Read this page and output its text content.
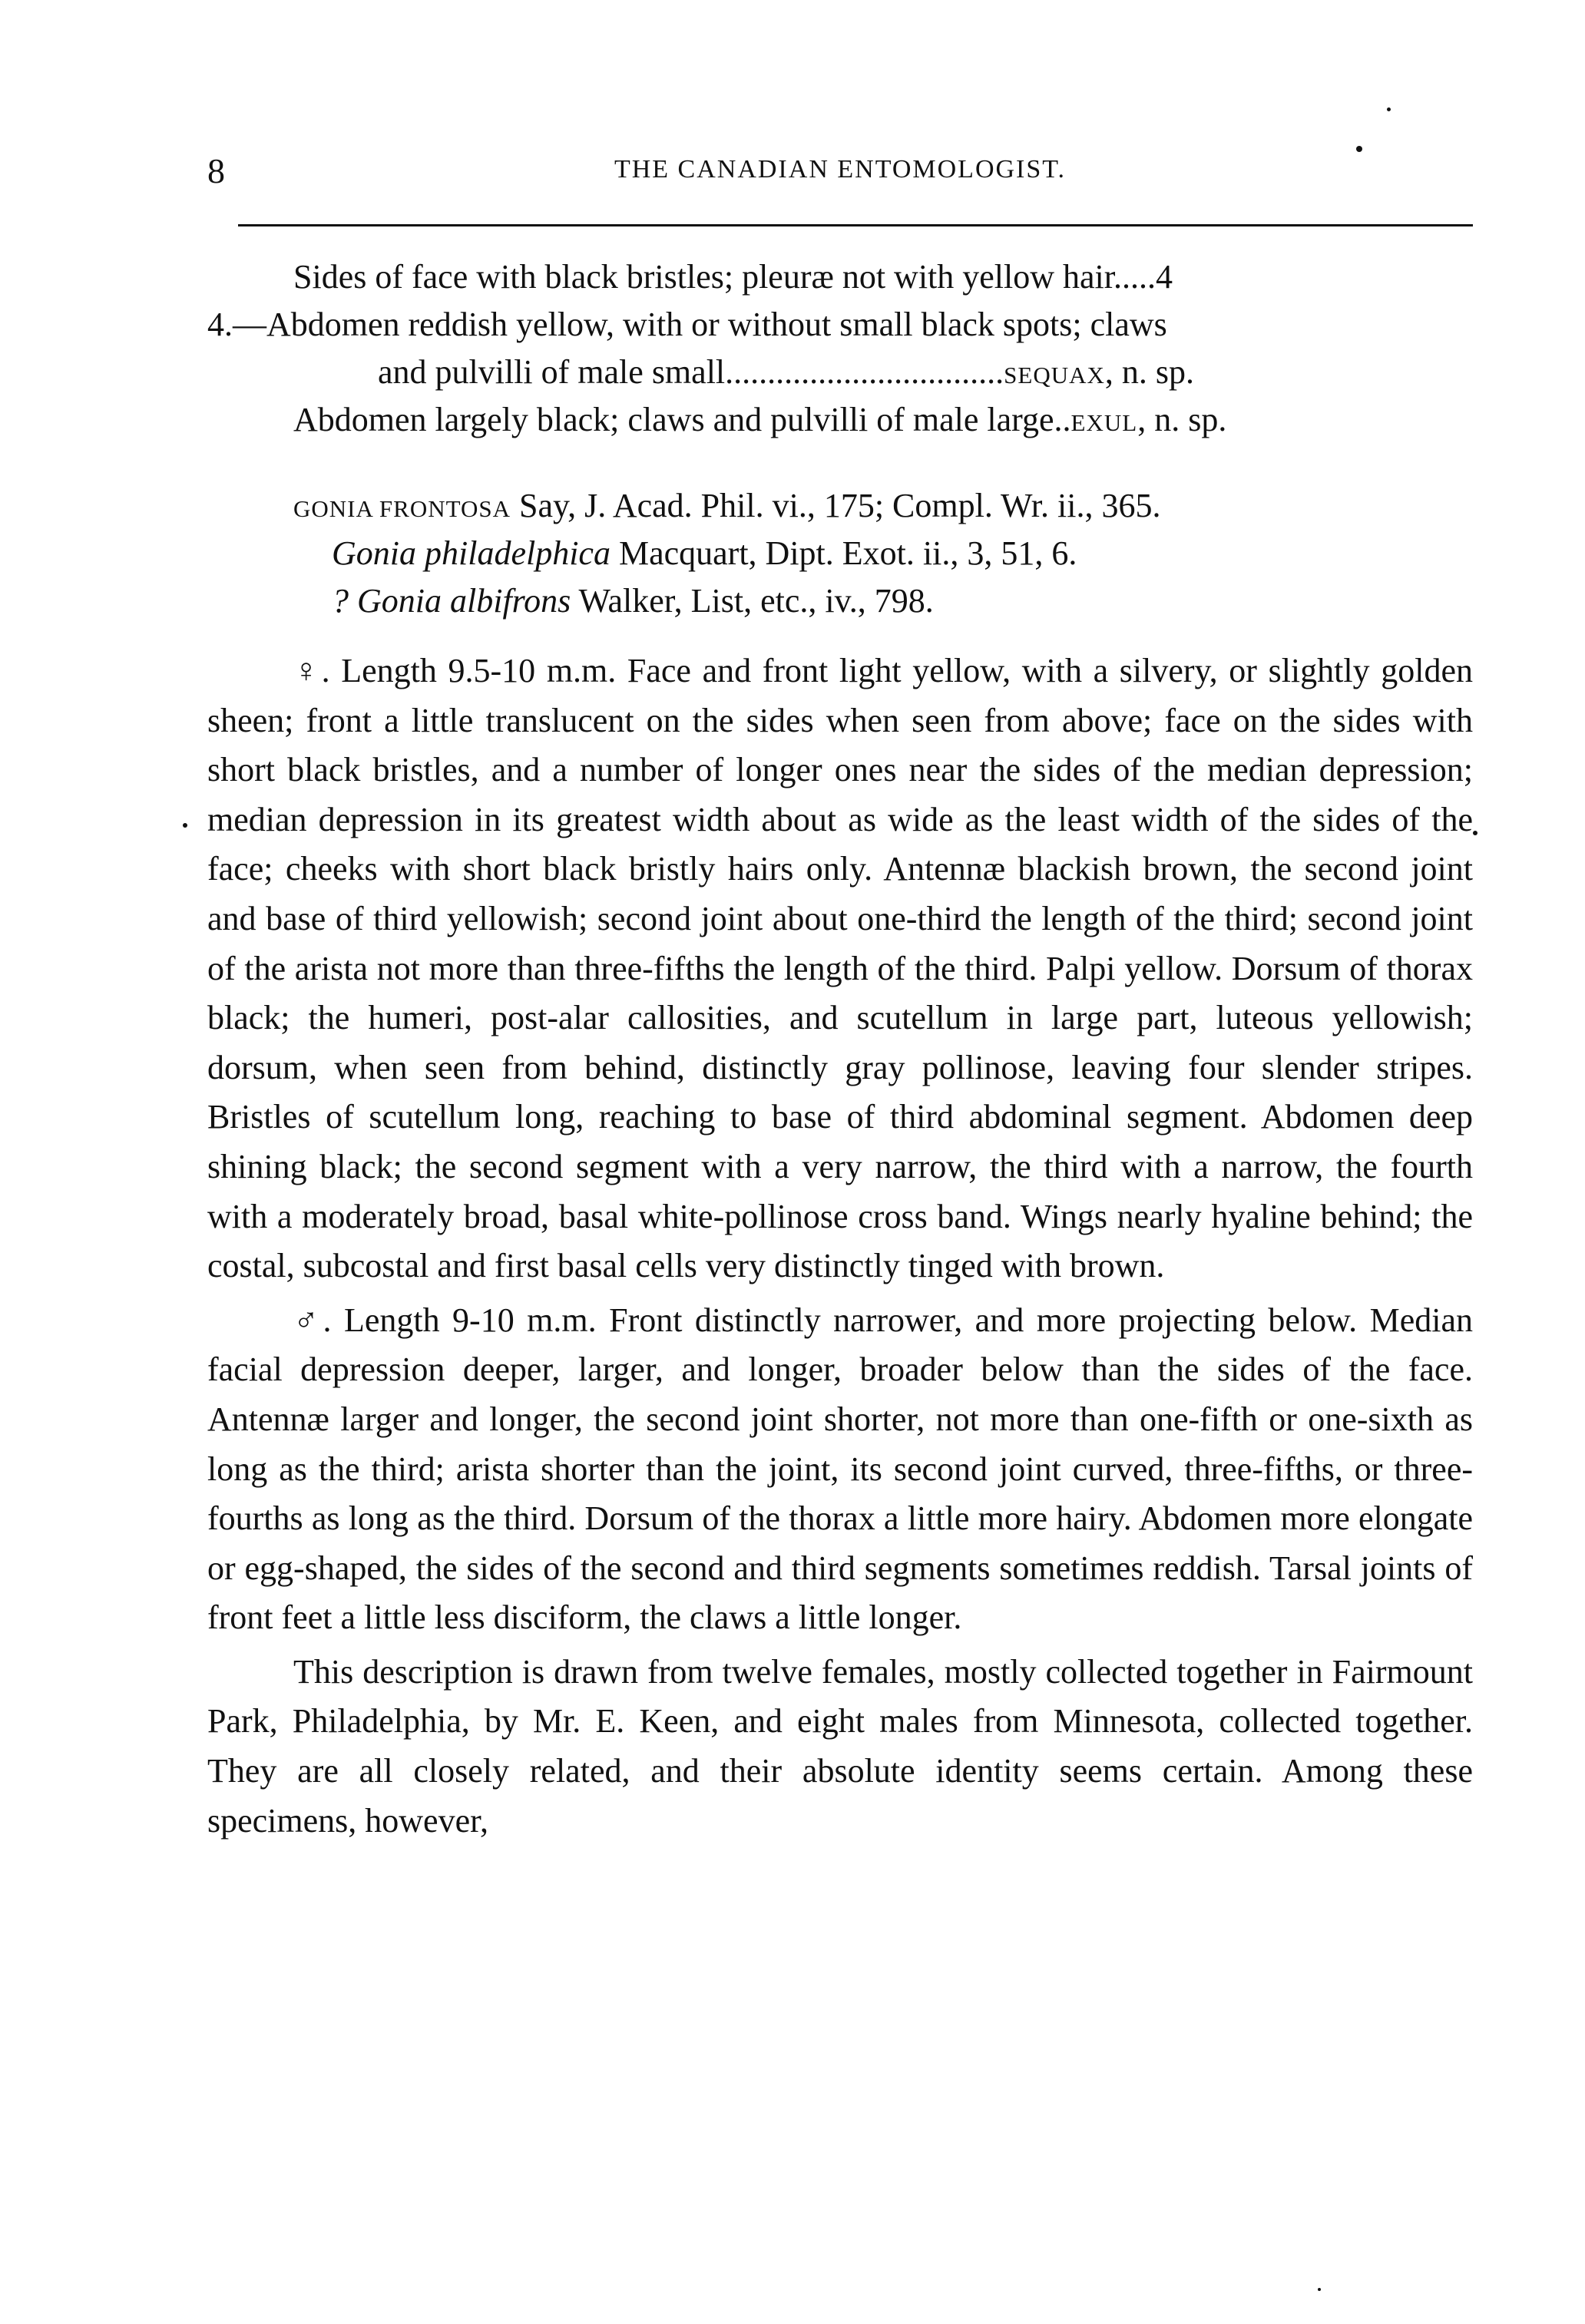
8	THE CANADIAN ENTOMOLOGIST.
Sides of face with black bristles; pleuræ not with yellow hair.....4
4.—Abdomen reddish yellow, with or without small black spots; claws
and pulvilli of male small.................................SEQUAX, n. sp.
Abdomen largely black; claws and pulvilli of male large..EXUL, n. sp.
GONIA FRONTOSA Say, J. Acad. Phil. vi., 175; Compl. Wr. ii., 365.
Gonia philadelphica Macquart, Dipt. Exot. ii., 3, 51, 6.
? Gonia albifrons Walker, List, etc., iv., 798.

♀. Length 9.5-10 m.m. Face and front light yellow, with a silvery, or slightly golden sheen; front a little translucent on the sides when seen from above; face on the sides with short black bristles, and a number of longer ones near the sides of the median depression; median depression in its greatest width about as wide as the least width of the sides of the face; cheeks with short black bristly hairs only. Antennæ blackish brown, the second joint and base of third yellowish; second joint about one-third the length of the third; second joint of the arista not more than three-fifths the length of the third. Palpi yellow. Dorsum of thorax black; the humeri, post-alar callosities, and scutellum in large part, luteous yellowish; dorsum, when seen from behind, distinctly gray pollinose, leaving four slender stripes. Bristles of scutellum long, reaching to base of third abdominal segment. Abdomen deep shining black; the second segment with a very narrow, the third with a narrow, the fourth with a moderately broad, basal white-pollinose cross band. Wings nearly hyaline behind; the costal, subcostal and first basal cells very distinctly tinged with brown.

♂. Length 9-10 m.m. Front distinctly narrower, and more projecting below. Median facial depression deeper, larger, and longer, broader below than the sides of the face. Antennæ larger and longer, the second joint shorter, not more than one-fifth or one-sixth as long as the third; arista shorter than the joint, its second joint curved, three-fifths, or three-fourths as long as the third. Dorsum of the thorax a little more hairy. Abdomen more elongate or egg-shaped, the sides of the second and third segments sometimes reddish. Tarsal joints of front feet a little less disciform, the claws a little longer.

This description is drawn from twelve females, mostly collected together in Fairmount Park, Philadelphia, by Mr. E. Keen, and eight males from Minnesota, collected together. They are all closely related, and their absolute identity seems certain. Among these specimens, however,
